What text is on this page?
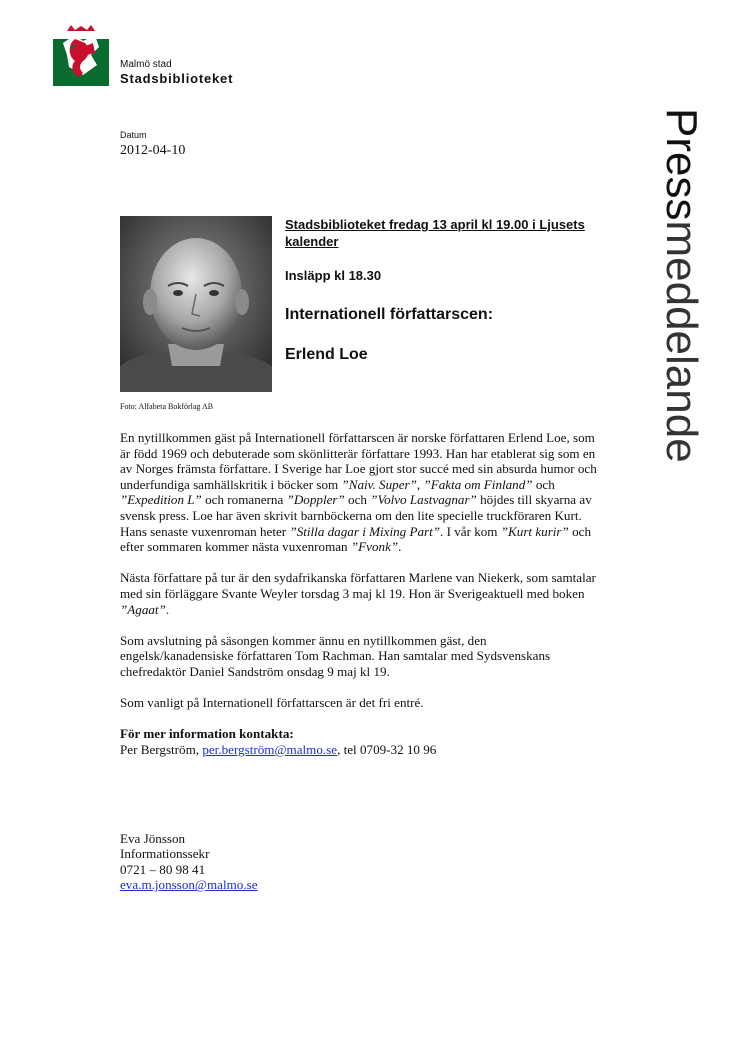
Malmö stad
Stadsbiblioteket
Pressmeddelande
Datum
2012-04-10
Foto: Alfabeta Bokförlag AB
Stadsbiblioteket fredag 13 april kl 19.00 i Ljusets kalender
Insläpp kl 18.30
Internationell författarscen:
Erlend Loe

En nytillkommen gäst på Internationell författarscen är norske författaren Erlend Loe, som är född 1969 och debuterade som skönlitterär författare 1993. Han har etablerat sig som en av Norges främsta författare. I Sverige har Loe gjort stor succé med sin absurda humor och underfundiga samhällskritik i böcker som ”Naiv. Super”, ”Fakta om Finland” och ”Expedition L” och romanerna ”Doppler” och ”Volvo Lastvagnar” höjdes till skyarna av svensk press. Loe har även skrivit barnböckerna om den lite specielle truckföraren Kurt. Hans senaste vuxenroman heter ”Stilla dagar i Mixing Part”. I vår kom ”Kurt kurir” och efter sommaren kommer nästa vuxenroman ”Fvonk”.

Nästa författare på tur är den sydafrikanska författaren Marlene van Niekerk, som samtalar med sin förläggare Svante Weyler torsdag 3 maj kl 19. Hon är Sverigeaktuell med boken ”Agaat”.

Som avslutning på säsongen kommer ännu en nytillkommen gäst, den engelsk/kanadensiske författaren Tom Rachman. Han samtalar med Sydsvenskans chefredaktör Daniel Sandström onsdag 9 maj kl 19.

Som vanligt på Internationell författarscen är det fri entré.

För mer information kontakta:
Per Bergström, per.bergström@malmo.se, tel 0709-32 10 96
Eva Jönsson
Informationssekr
0721 – 80 98 41
eva.m.jonsson@malmo.se
